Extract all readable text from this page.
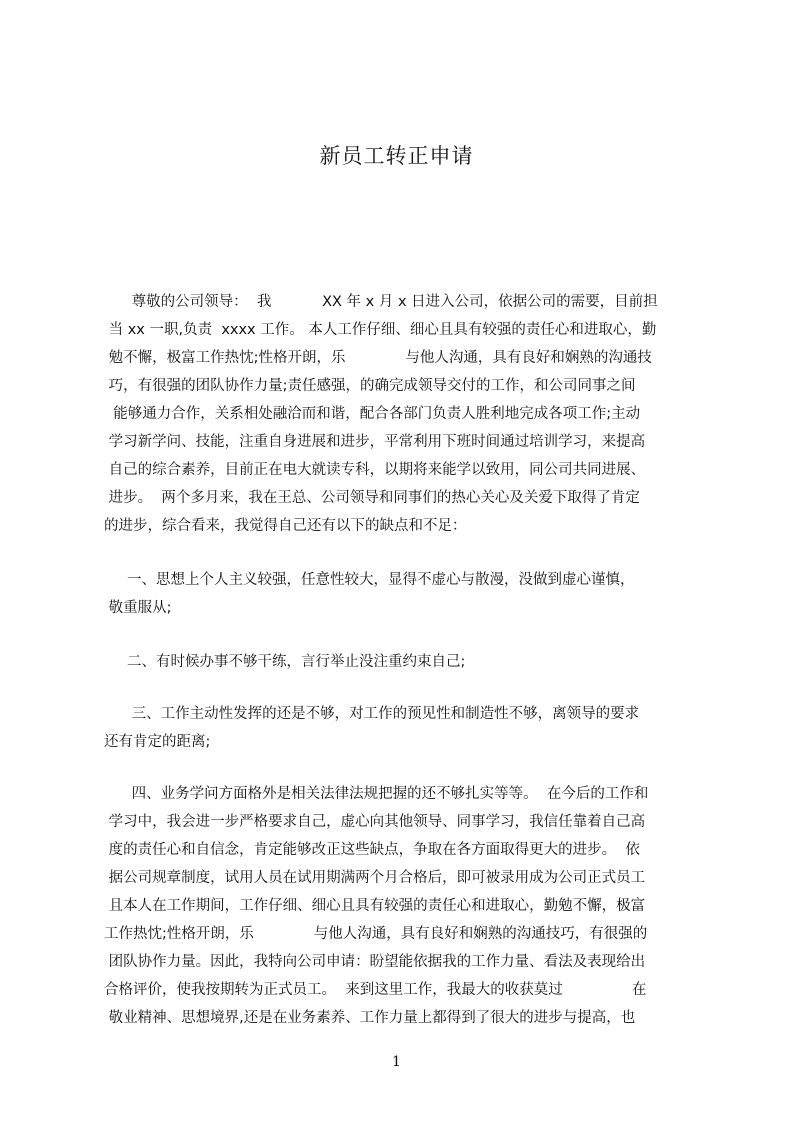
新员工转正申请
尊敬的公司领导：  我           XX 年 x 月 x 日进入公司，依据公司的需要，目前担
当 xx 一职,负责  xxxx 工作。 本人工作仔细、细心且具有较强的责任心和进取心，勤
勉不懈，极富工作热忱;性格开朗，乐             与他人沟通，具有良好和娴熟的沟通技
巧，有很强的团队协作力量;责任感强，的确完成领导交付的工作，和公司同事之间
能够通力合作，关系相处融洽而和谐，配合各部门负责人胜利地完成各项工作;主动
学习新学问、技能，注重自身进展和进步，平常利用下班时间通过培训学习，来提高
自己的综合素养，目前正在电大就读专科，以期将来能学以致用，同公司共同进展、
进步。  两个多月来，我在王总、公司领导和同事们的热心关心及关爱下取得了肯定
的进步，综合看来，我觉得自己还有以下的缺点和不足：
一、思想上个人主义较强，任意性较大，显得不虚心与散漫，没做到虚心谨慎，
敬重服从;
二、有时候办事不够干练，言行举止没注重约束自己;
三、工作主动性发挥的还是不够，对工作的预见性和制造性不够，离领导的要求
还有肯定的距离;
四、业务学问方面格外是相关法律法规把握的还不够扎实等等。  在今后的工作和
学习中，我会进一步严格要求自己，虚心向其他领导、同事学习，我信任靠着自己高
度的责任心和自信念，肯定能够改正这些缺点，争取在各方面取得更大的进步。  依
据公司规章制度，试用人员在试用期满两个月合格后，即可被录用成为公司正式员工
且本人在工作期间，工作仔细、细心且具有较强的责任心和进取心，勤勉不懈，极富
工作热忱;性格开朗，乐             与他人沟通，具有良好和娴熟的沟通技巧，有很强的
团队协作力量。因此，我特向公司申请：盼望能依据我的工作力量、看法及表现给出
合格评价，使我按期转为正式员工。  来到这里工作，我最大的收获莫过               在
敬业精神、思想境界,还是在业务素养、工作力量上都得到了很大的进步与提高，也
1
